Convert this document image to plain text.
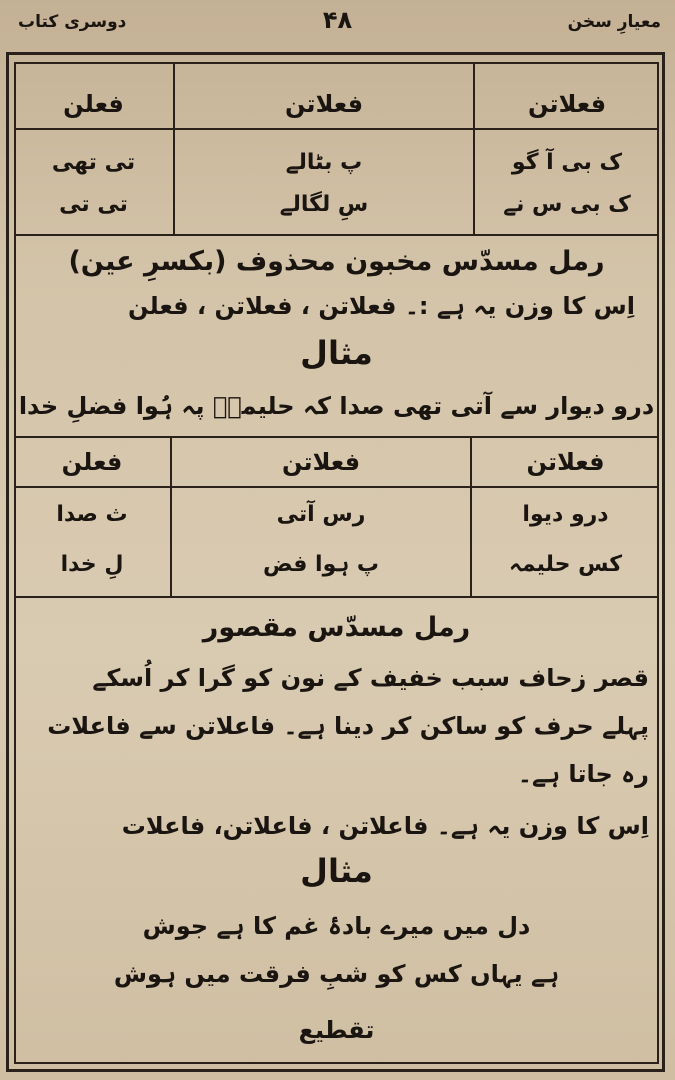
دوسری کتاب	۴۸	معیارِ سخن
فعلاتن
فعلاتن
فعلن
ک بی آ گو
پ بٹالے
تی تھی
ک بی س نے
سِ لگالے
تی تی
رمل مسدّس مخبون محذوف (بکسرِ عین)
اِس کا وزن یہ ہے :۔ فعلاتن ، فعلاتن ، فعلن
مثال
درو دیوار سے آتی تھی صدا کہ حلیمہؓ پہ ہُوا فضلِ خدا
فعلاتن
فعلاتن
فعلن
درو دیوا
رس آتی
ث صدا
کس حلیمہ
پ ہوا فض
لِ خدا
رمل مسدّس مقصور
قصر زحاف سبب خفیف کے نون کو گرا کر اُسکے
پہلے حرف کو ساکن کر دینا ہے۔ فاعلاتن سے فاعلات
رہ جاتا ہے۔
اِس کا وزن یہ ہے۔ فاعلاتن ، فاعلاتن، فاعلات
مثال
دل میں میرے بادۂ غم کا ہے جوش
ہے یہاں کس کو شبِ فرقت میں ہوش
تقطیع
